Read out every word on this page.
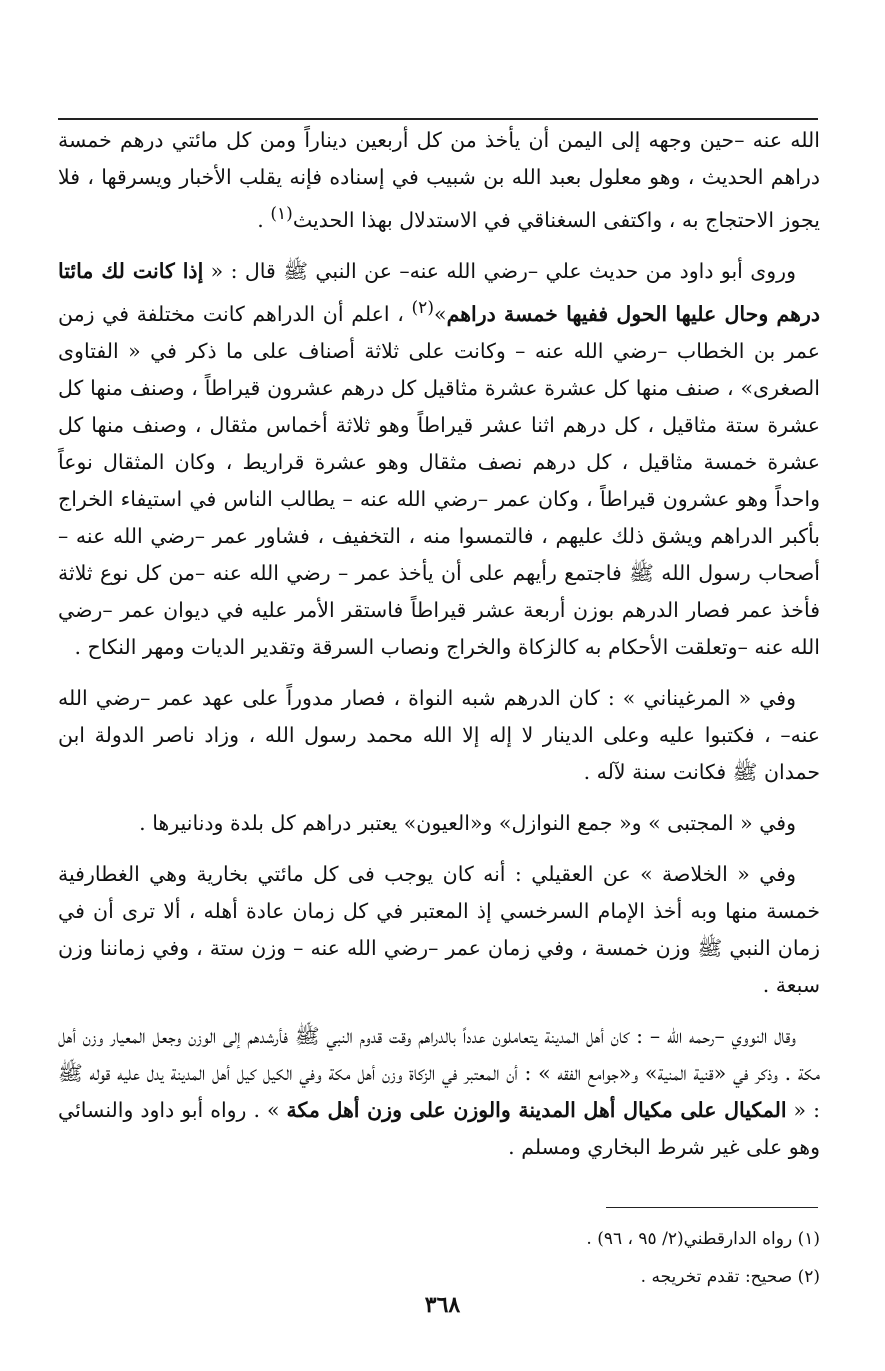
الله عنه –حين وجهه إلى اليمن أن يأخذ من كل أربعين ديناراً ومن كل مائتي درهم خمسة دراهم الحديث ، وهو معلول بعبد الله بن شبيب في إسناده فإنه يقلب الأخبار ويسرقها ، فلا يجوز الاحتجاج به ، واكتفى السغناقي في الاستدلال بهذا الحديث$^{(١)}$ .

وروى أبو داود من حديث علي –رضي الله عنه– عن النبي ﷺ قال : « إذا كانت لك مائتا درهم وحال عليها الحول ففيها خمسة دراهم»$^{(٢)}$ ، اعلم أن الدراهم كانت مختلفة في زمن عمر بن الخطاب –رضي الله عنه – وكانت على ثلاثة أصناف على ما ذكر في « الفتاوى الصغرى» ، صنف منها كل عشرة عشرة مثاقيل كل درهم عشرون قيراطاً ، وصنف منها كل عشرة ستة مثاقيل ، كل درهم اثنا عشر قيراطاً وهو ثلاثة أخماس مثقال ، وصنف منها كل عشرة خمسة مثاقيل ، كل درهم نصف مثقال وهو عشرة قراريط ، وكان المثقال نوعاً واحداً وهو عشرون قيراطاً ، وكان عمر –رضي الله عنه – يطالب الناس في استيفاء الخراج بأكبر الدراهم ويشق ذلك عليهم ، فالتمسوا منه ، التخفيف ، فشاور عمر –رضي الله عنه –أصحاب رسول الله ﷺ فاجتمع رأيهم على أن يأخذ عمر – رضي الله عنه –من كل نوع ثلاثة فأخذ عمر فصار الدرهم بوزن أربعة عشر قيراطاً فاستقر الأمر عليه في ديوان عمر –رضي الله عنه –وتعلقت الأحكام به كالزكاة والخراج ونصاب السرقة وتقدير الديات ومهر النكاح .

وفي « المرغيناني » : كان الدرهم شبه النواة ، فصار مدوراً على عهد عمر –رضي الله عنه– ، فكتبوا عليه وعلى الدينار لا إله إلا الله محمد رسول الله ، وزاد ناصر الدولة ابن حمدان ﷺ فكانت سنة لآله .

وفي « المجتبى » و« جمع النوازل» و«العيون» يعتبر دراهم كل بلدة ودنانيرها .

وفي « الخلاصة » عن العقيلي : أنه كان يوجب فى كل مائتي بخارية وهي الغطارفية خمسة منها وبه أخذ الإمام السرخسي إذ المعتبر في كل زمان عادة أهله ، ألا ترى أن في زمان النبي ﷺ وزن خمسة ، وفي زمان عمر –رضي الله عنه – وزن ستة ، وفي زماننا وزن سبعة .

وقال النووي –رحمه الله – : كان أهل المدينة يتعاملون عدداً بالدراهم وقت قدوم النبي ﷺ فأرشدهم إلى الوزن وجعل المعيار وزن أهل مكة . وذكر في «قنية المنية» و«جوامع الفقه » : أن المعتبر في الزكاة وزن أهل مكة وفي الكيل كيل أهل المدينة يدل عليه قوله ﷺ : « المكيال على مكيال أهل المدينة والوزن على وزن أهل مكة » . رواه أبو داود والنسائي وهو على غير شرط البخاري ومسلم .

(١) رواه الدارقطني(٢/ ٩٥ ، ٩٦) .

(٢) صحيح: تقدم تخريجه .

٣٦٨
